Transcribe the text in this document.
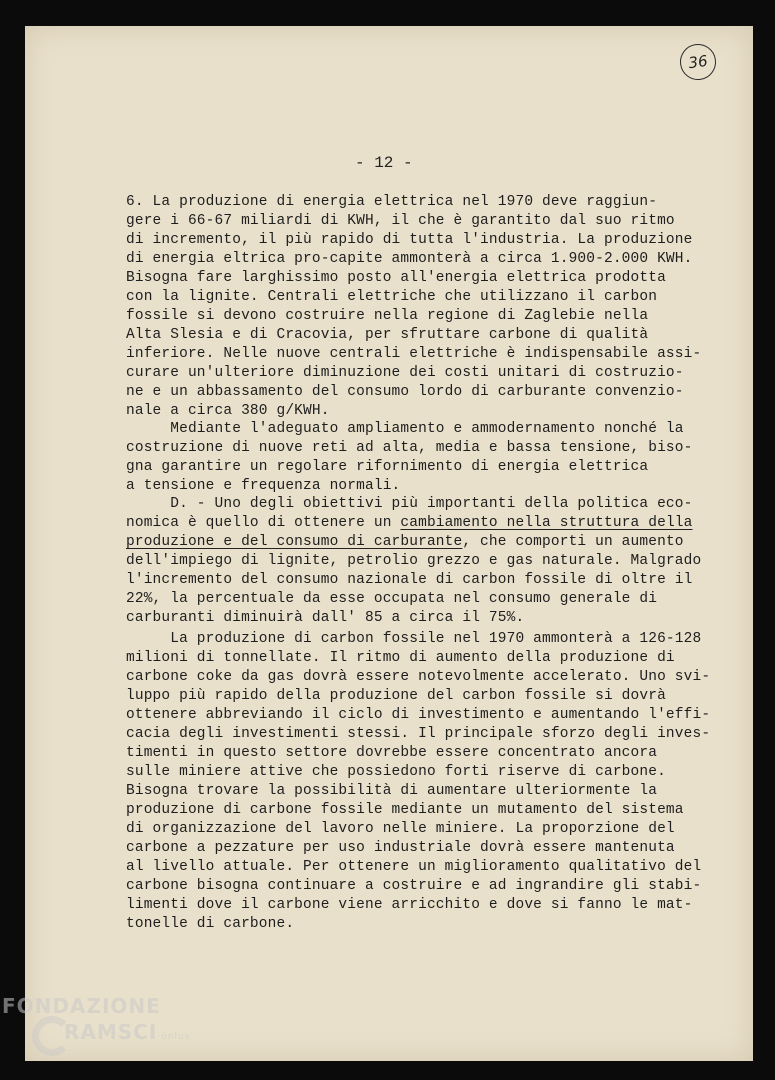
36
- 12 -
6. La produzione di energia elettrica nel 1970 deve raggiun-
gere i 66-67 miliardi di KWH, il che è garantito dal suo ritmo
di incremento, il più rapido di tutta l'industria. La produzione
di energia eltrica pro-capite ammonterà a circa 1.900-2.000 KWH.
Bisogna fare larghissimo posto all'energia elettrica prodotta
con la lignite. Centrali elettriche che utilizzano il carbon
fossile si devono costruire nella regione di Zaglebie nella
Alta Slesia e di Cracovia, per sfruttare carbone di qualità
inferiore. Nelle nuove centrali elettriche è indispensabile assi-
curare un'ulteriore diminuzione dei costi unitari di costruzio-
ne e un abbassamento del consumo lordo di carburante convenzio-
nale a circa 380 g/KWH.
Mediante l'adeguato ampliamento e ammodernamento nonché la
costruzione di nuove reti ad alta, media e bassa tensione, biso-
gna garantire un regolare rifornimento di energia elettrica
a tensione e frequenza normali.
D. - Uno degli obiettivi più importanti della politica eco-
nomica è quello di ottenere un cambiamento nella struttura della
produzione e del consumo di carburante, che comporti un aumento
dell'impiego di lignite, petrolio grezzo e gas naturale. Malgrado
l'incremento del consumo nazionale di carbon fossile di oltre il
22%, la percentuale da esse occupata nel consumo generale di
carburanti diminuirà dall' 85 a circa il 75%.
La produzione di carbon fossile nel 1970 ammonterà a 126-128
milioni di tonnellate. Il ritmo di aumento della produzione di
carbone coke da gas dovrà essere notevolmente accelerato. Uno svi-
luppo più rapido della produzione del carbon fossile si dovrà
ottenere abbreviando il ciclo di investimento e aumentando l'effi-
cacia degli investimenti stessi. Il principale sforzo degli inves-
timenti in questo settore dovrebbe essere concentrato ancora
sulle miniere attive che possiedono forti riserve di carbone.
Bisogna trovare la possibilità di aumentare ulteriormente la
produzione di carbone fossile mediante un mutamento del sistema
di organizzazione del lavoro nelle miniere. La proporzione del
carbone a pezzature per uso industriale dovrà essere mantenuta
al livello attuale. Per ottenere un miglioramento qualitativo del
carbone bisogna continuare a costruire e ad ingrandire gli stabi-
limenti dove il carbone viene arricchito e dove si fanno le mat-
tonelle di carbone.
FONDAZIONE
RAMSCI onlus
